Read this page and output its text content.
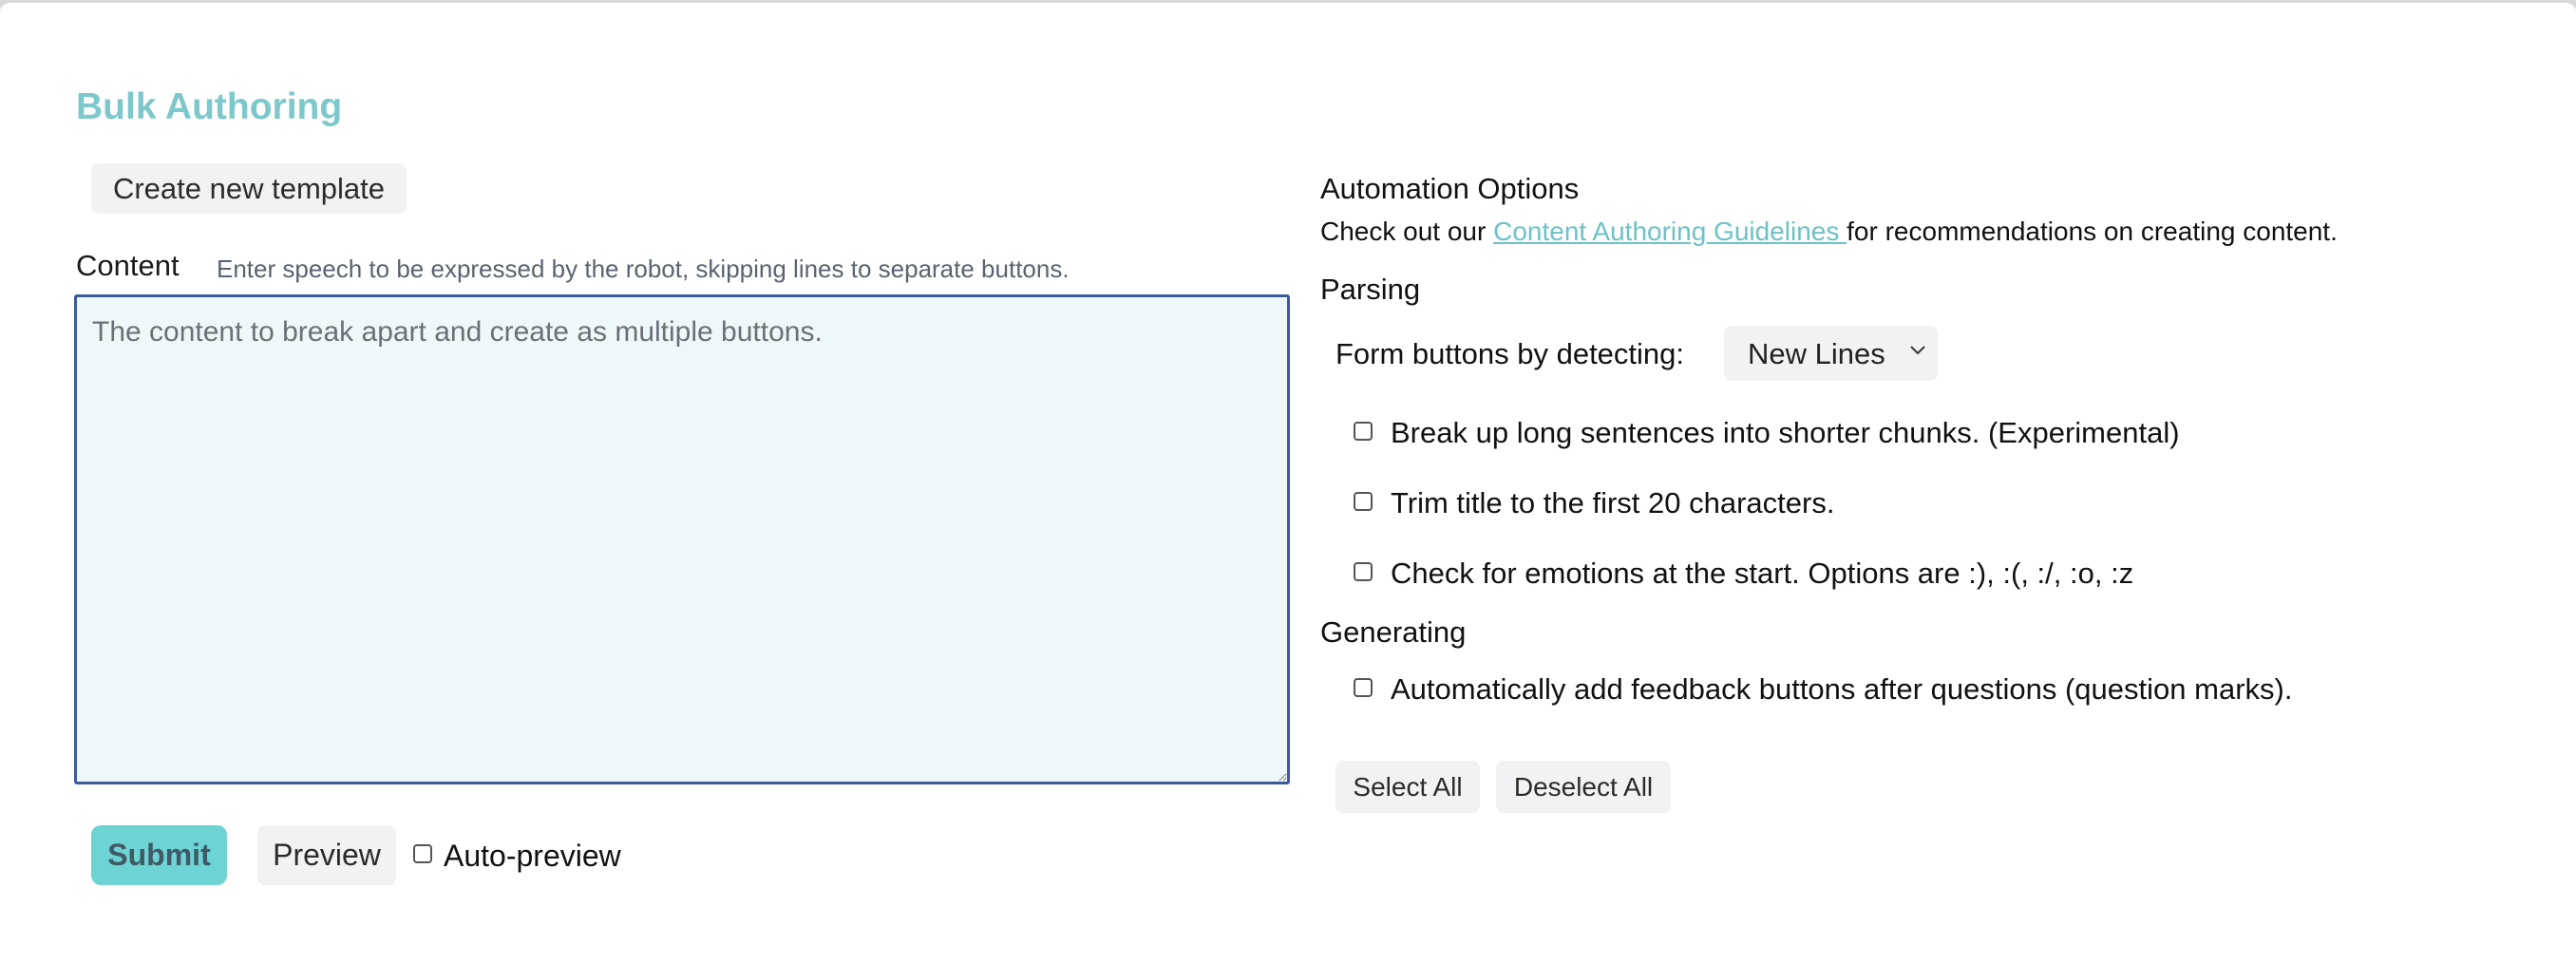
Bulk Authoring
Create new template
Content Enter speech to be expressed by the robot, skipping lines to separate buttons.
The content to break apart and create as multiple buttons.
Submit	Preview	Auto-preview
Automation Options
Check out our Content Authoring Guidelines for recommendations on creating content.
Parsing
Form buttons by detecting: New Lines
Break up long sentences into shorter chunks. (Experimental)
Trim title to the first 20 characters.
Check for emotions at the start. Options are :), :(, :/, :o, :z
Generating
Automatically add feedback buttons after questions (question marks).
Select All	Deselect All
